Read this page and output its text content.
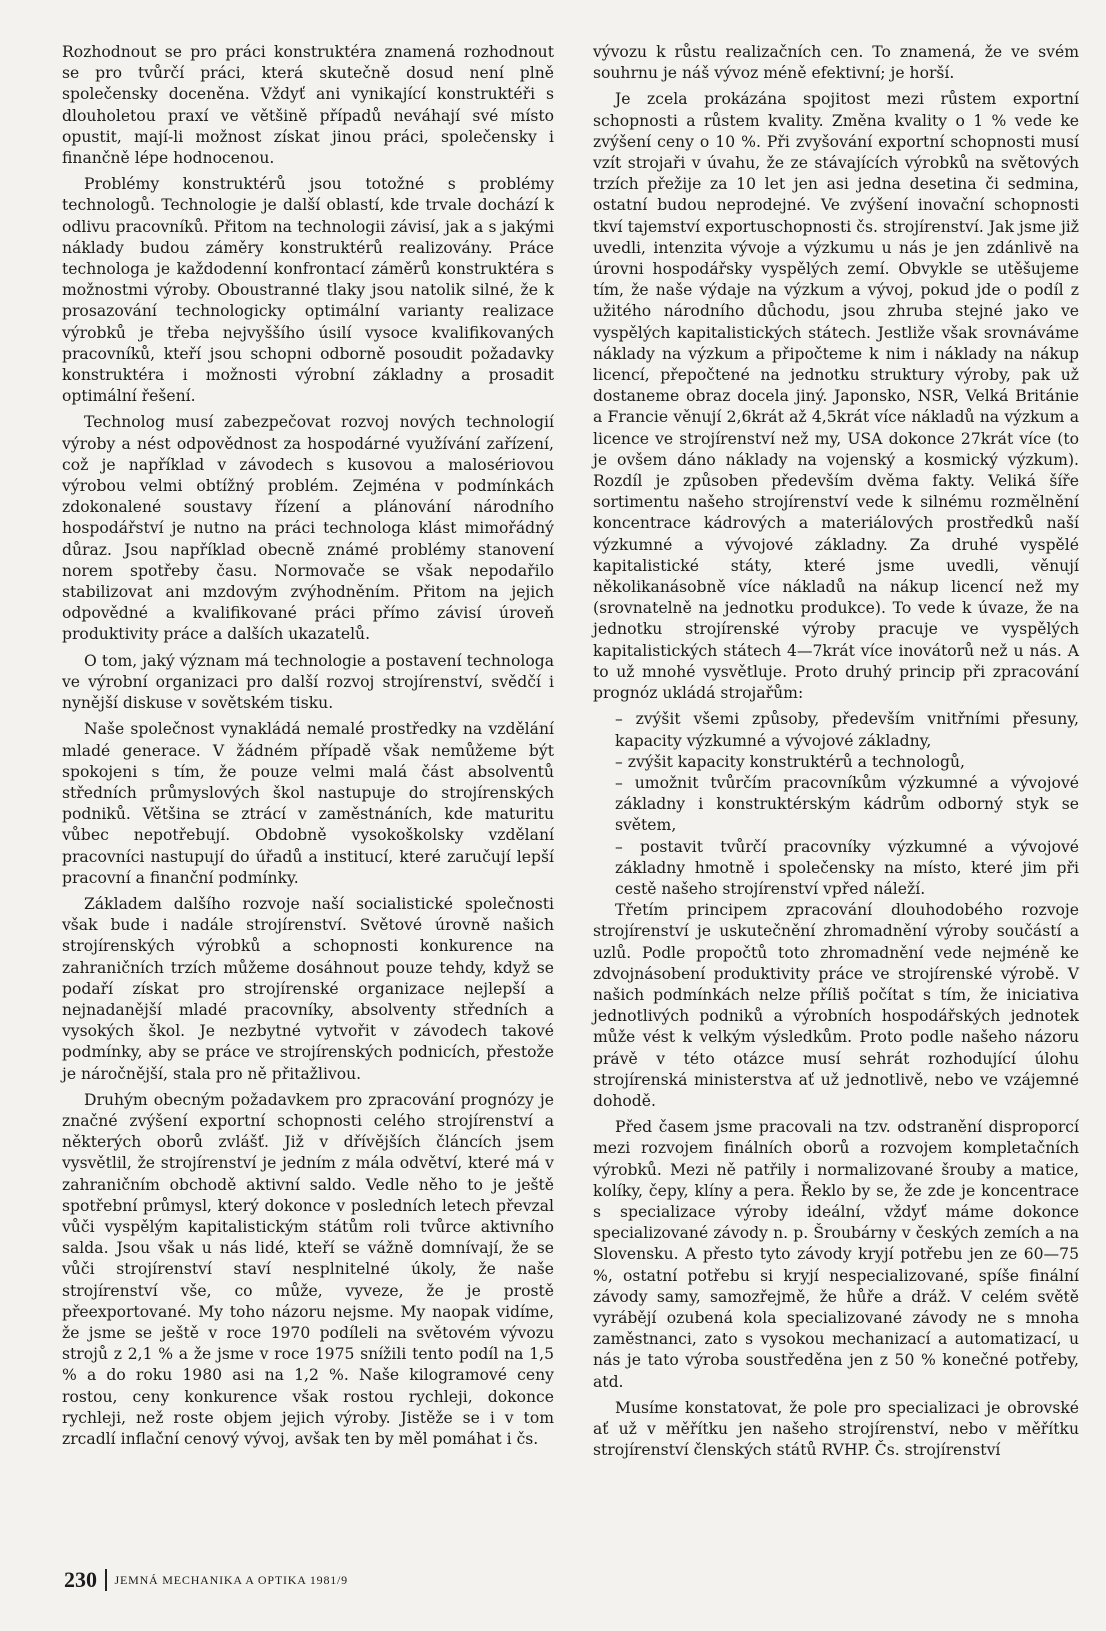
Rozhodnout se pro práci konstruktéra znamená rozhodnout se pro tvůrčí práci, která skutečně dosud není plně společensky doceněna. Vždyť ani vynikající konstruktéři s dlouholetou praxí ve většině případů neváhají své místo opustit, mají-li možnost získat jinou práci, společensky i finančně lépe hodnocenou.

Problémy konstruktérů jsou totožné s problémy technologů. Technologie je další oblastí, kde trvale dochází k odlivu pracovníků. Přitom na technologii závisí, jak a s jakými náklady budou záměry konstruktérů realizovány. Práce technologa je každodenní konfrontací záměrů konstruktéra s možnostmi výroby. Oboustranné tlaky jsou natolik silné, že k prosazování technologicky optimální varianty realizace výrobků je třeba nejvyššího úsilí vysoce kvalifikovaných pracovníků, kteří jsou schopni odborně posoudit požadavky konstruktéra i možnosti výrobní základny a prosadit optimální řešení.

Technolog musí zabezpečovat rozvoj nových technologií výroby a nést odpovědnost za hospodárné využívání zařízení, což je například v závodech s kusovou a malosériovou výrobou velmi obtížný problém. Zejména v podmínkách zdokonalené soustavy řízení a plánování národního hospodářství je nutno na práci technologa klást mimořádný důraz. Jsou například obecně známé problémy stanovení norem spotřeby času. Normovače se však nepodařilo stabilizovat ani mzdovým zvýhodněním. Přitom na jejich odpovědné a kvalifikované práci přímo závisí úroveň produktivity práce a dalších ukazatelů.

O tom, jaký význam má technologie a postavení technologa ve výrobní organizaci pro další rozvoj strojírenství, svědčí i nynější diskuse v sovětském tisku.

Naše společnost vynakládá nemalé prostředky na vzdělání mladé generace. V žádném případě však nemůžeme být spokojeni s tím, že pouze velmi malá část absolventů středních průmyslových škol nastupuje do strojírenských podniků. Většina se ztrácí v zaměstnáních, kde maturitu vůbec nepotřebují. Obdobně vysokoškolsky vzdělaní pracovníci nastupují do úřadů a institucí, které zaručují lepší pracovní a finanční podmínky.

Základem dalšího rozvoje naší socialistické společnosti však bude i nadále strojírenství. Světové úrovně našich strojírenských výrobků a schopnosti konkurence na zahraničních trzích můžeme dosáhnout pouze tehdy, když se podaří získat pro strojírenské organizace nejlepší a nejnadanější mladé pracovníky, absolventy středních a vysokých škol. Je nezbytné vytvořit v závodech takové podmínky, aby se práce ve strojírenských podnicích, přestože je náročnější, stala pro ně přitažlivou.

Druhým obecným požadavkem pro zpracování prognózy je značné zvýšení exportní schopnosti celého strojírenství a některých oborů zvlášť. Již v dřívějších článcích jsem vysvětlil, že strojírenství je jedním z mála odvětví, které má v zahraničním obchodě aktivní saldo. Vedle něho to je ještě spotřební průmysl, který dokonce v posledních letech převzal vůči vyspělým kapitalistickým státům roli tvůrce aktivního salda. Jsou však u nás lidé, kteří se vážně domnívají, že se vůči strojírenství staví nesplnitelné úkoly, že naše strojírenství vše, co může, vyveze, že je prostě přeexportované. My toho názoru nejsme. My naopak vidíme, že jsme se ještě v roce 1970 podíleli na světovém vývozu strojů z 2,1 % a že jsme v roce 1975 snížili tento podíl na 1,5 % a do roku 1980 asi na 1,2 %. Naše kilogramové ceny rostou, ceny konkurence však rostou rychleji, dokonce rychleji, než roste objem jejich výroby. Jistěže se i v tom zrcadlí inflační cenový vývoj, avšak ten by měl pomáhat i čs.

vývozu k růstu realizačních cen. To znamená, že ve svém souhrnu je náš vývoz méně efektivní; je horší.

Je zcela prokázána spojitost mezi růstem exportní schopnosti a růstem kvality. Změna kvality o 1 % vede ke zvýšení ceny o 10 %. Při zvyšování exportní schopnosti musí vzít strojaři v úvahu, že ze stávajících výrobků na světových trzích přežije za 10 let jen asi jedna desetina či sedmina, ostatní budou neprodejné. Ve zvýšení inovační schopnosti tkví tajemství exportuschopnosti čs. strojírenství. Jak jsme již uvedli, intenzita vývoje a výzkumu u nás je jen zdánlivě na úrovni hospodářsky vyspělých zemí. Obvykle se utěšujeme tím, že naše výdaje na výzkum a vývoj, pokud jde o podíl z užitého národního důchodu, jsou zhruba stejné jako ve vyspělých kapitalistických státech. Jestliže však srovnáváme náklady na výzkum a připočteme k nim i náklady na nákup licencí, přepočtené na jednotku struktury výroby, pak už dostaneme obraz docela jiný. Japonsko, NSR, Velká Británie a Francie věnují 2,6krát až 4,5krát více nákladů na výzkum a licence ve strojírenství než my, USA dokonce 27krát více (to je ovšem dáno náklady na vojenský a kosmický výzkum). Rozdíl je způsoben především dvěma fakty. Veliká šíře sortimentu našeho strojírenství vede k silnému rozmělnění koncentrace kádrových a materiálových prostředků naší výzkumné a vývojové základny. Za druhé vyspělé kapitalistické státy, které jsme uvedli, věnují několikanásobně více nákladů na nákup licencí než my (srovnatelně na jednotku produkce). To vede k úvaze, že na jednotku strojírenské výroby pracuje ve vyspělých kapitalistických státech 4—7krát více inovátorů než u nás. A to už mnohé vysvětluje. Proto druhý princip při zpracování prognóz ukládá strojařům:

– zvýšit všemi způsoby, především vnitřními přesuny, kapacity výzkumné a vývojové základny,

– zvýšit kapacity konstruktérů a technologů,

– umožnit tvůrčím pracovníkům výzkumné a vývojové základny i konstruktérským kádrům odborný styk se světem,

– postavit tvůrčí pracovníky výzkumné a vývojové základny hmotně i společensky na místo, které jim při cestě našeho strojírenství vpřed náleží.

Třetím principem zpracování dlouhodobého rozvoje strojírenství je uskutečnění zhromadnění výroby součástí a uzlů. Podle propočtů toto zhromadnění vede nejméně ke zdvojnásobení produktivity práce ve strojírenské výrobě. V našich podmínkách nelze příliš počítat s tím, že iniciativa jednotlivých podniků a výrobních hospodářských jednotek může vést k velkým výsledkům. Proto podle našeho názoru právě v této otázce musí sehrát rozhodující úlohu strojírenská ministerstva ať už jednotlivě, nebo ve vzájemné dohodě.

Před časem jsme pracovali na tzv. odstranění disproporcí mezi rozvojem finálních oborů a rozvojem kompletačních výrobků. Mezi ně patřily i normalizované šrouby a matice, kolíky, čepy, klíny a pera. Řeklo by se, že zde je koncentrace s specializace výroby ideální, vždyť máme dokonce specializované závody n. p. Šroubárny v českých zemích a na Slovensku. A přesto tyto závody kryjí potřebu jen ze 60—75 %, ostatní potřebu si kryjí nespecializované, spíše finální závody samy, samozřejmě, že hůře a dráž. V celém světě vyrábějí ozubená kola specializované závody ne s mnoha zaměstnanci, zato s vysokou mechanizací a automatizací, u nás je tato výroba soustředěna jen z 50 % konečné potřeby, atd.

Musíme konstatovat, že pole pro specializaci je obrovské ať už v měřítku jen našeho strojírenství, nebo v měřítku strojírenství členských států RVHP. Čs. strojírenství

230 JEMNÁ MECHANIKA A OPTIKA 1981/9
